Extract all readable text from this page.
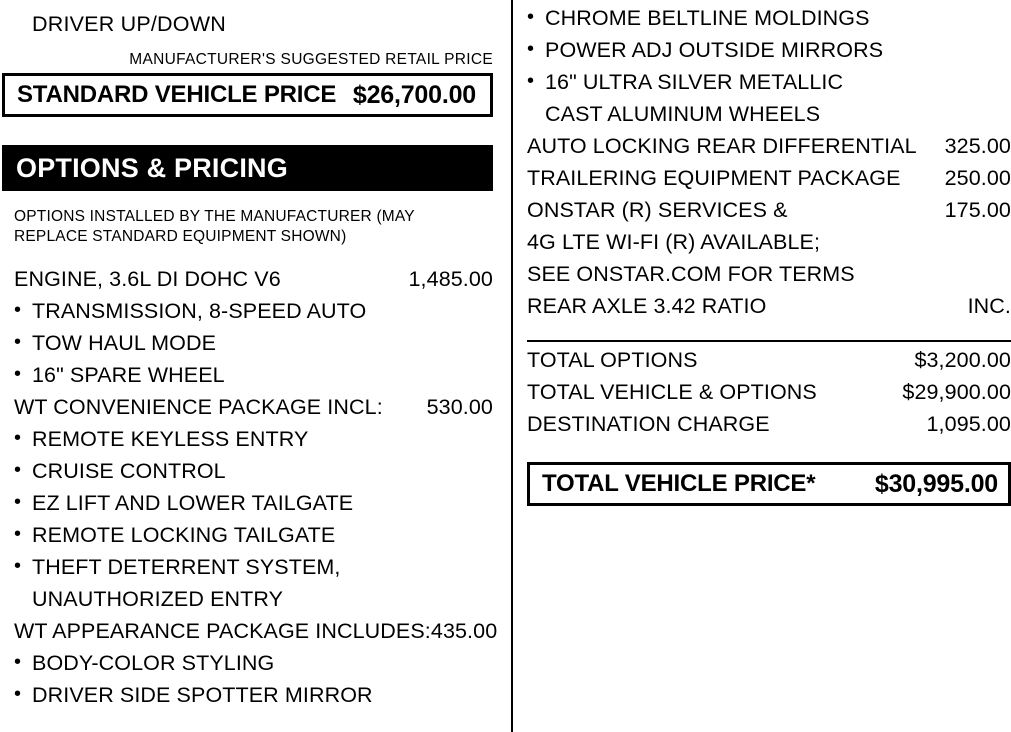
DRIVER UP/DOWN
MANUFACTURER'S SUGGESTED RETAIL PRICE
STANDARD VEHICLE PRICE $26,700.00
OPTIONS & PRICING
OPTIONS INSTALLED BY THE MANUFACTURER (MAY REPLACE STANDARD EQUIPMENT SHOWN)
ENGINE, 3.6L DI DOHC V6	1,485.00
• TRANSMISSION, 8-SPEED AUTO
• TOW HAUL MODE
• 16" SPARE WHEEL
WT CONVENIENCE PACKAGE INCL: 530.00
• REMOTE KEYLESS ENTRY
• CRUISE CONTROL
• EZ LIFT AND LOWER TAILGATE
• REMOTE LOCKING TAILGATE
• THEFT DETERRENT SYSTEM,
UNAUTHORIZED ENTRY
WT APPEARANCE PACKAGE INCLUDES: 435.00
• BODY-COLOR STYLING
• DRIVER SIDE SPOTTER MIRROR
• CHROME BELTLINE MOLDINGS
• POWER ADJ OUTSIDE MIRRORS
• 16" ULTRA SILVER METALLIC
CAST ALUMINUM WHEELS
AUTO LOCKING REAR DIFFERENTIAL 325.00
TRAILERING EQUIPMENT PACKAGE 250.00
ONSTAR (R) SERVICES &	175.00
4G LTE WI-FI (R) AVAILABLE;
SEE ONSTAR.COM FOR TERMS
REAR AXLE 3.42 RATIO	INC.
TOTAL OPTIONS	$3,200.00
TOTAL VEHICLE & OPTIONS	$29,900.00
DESTINATION CHARGE	1,095.00
TOTAL VEHICLE PRICE* $30,995.00
